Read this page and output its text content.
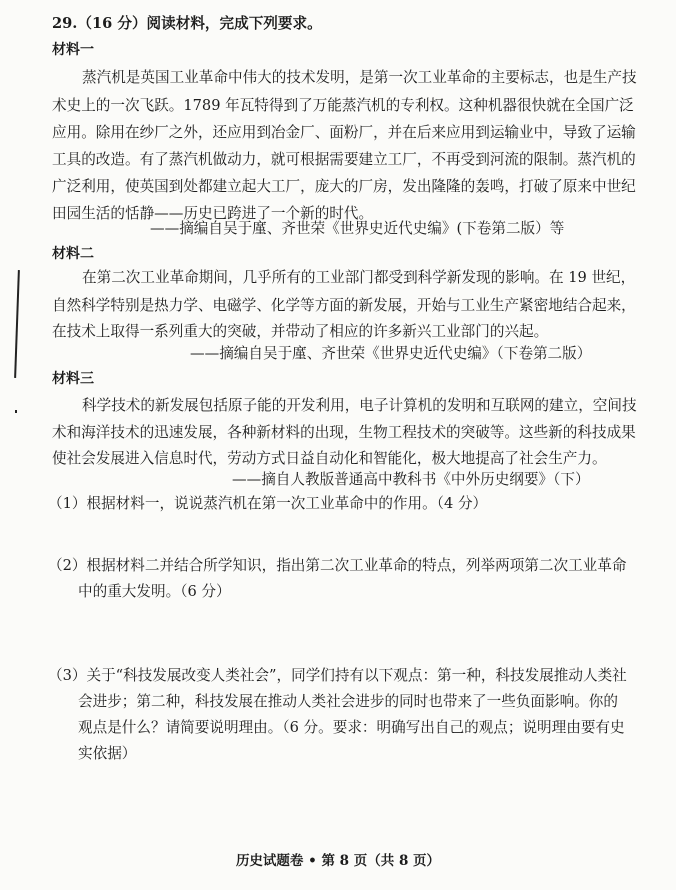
29.（16 分）阅读材料，完成下列要求。
材料一
蒸汽机是英国工业革命中伟大的技术发明，是第一次工业革命的主要标志，也是生产技
术史上的一次飞跃。1789 年瓦特得到了万能蒸汽机的专利权。这种机器很快就在全国广泛
应用。除用在纱厂之外，还应用到冶金厂、面粉厂，并在后来应用到运输业中，导致了运输
工具的改造。有了蒸汽机做动力，就可根据需要建立工厂，不再受到河流的限制。蒸汽机的
广泛利用，使英国到处都建立起大工厂，庞大的厂房，发出隆隆的轰鸣，打破了原来中世纪
田园生活的恬静——历史已跨进了一个新的时代。
——摘编自吴于廑、齐世荣《世界史近代史编》(下卷第二版）等
材料二
在第二次工业革命期间，几乎所有的工业部门都受到科学新发现的影响。在 19 世纪，
自然科学特别是热力学、电磁学、化学等方面的新发展，开始与工业生产紧密地结合起来，
在技术上取得一系列重大的突破，并带动了相应的许多新兴工业部门的兴起。
——摘编自吴于廑、齐世荣《世界史近代史编》（下卷第二版）
材料三
科学技术的新发展包括原子能的开发利用，电子计算机的发明和互联网的建立，空间技
术和海洋技术的迅速发展，各种新材料的出现，生物工程技术的突破等。这些新的科技成果
使社会发展进入信息时代，劳动方式日益自动化和智能化，极大地提高了社会生产力。
——摘自人教版普通高中教科书《中外历史纲要》（下）
（1）根据材料一，说说蒸汽机在第一次工业革命中的作用。（4 分）
（2）根据材料二并结合所学知识，指出第二次工业革命的特点，列举两项第二次工业革命
中的重大发明。（6 分）
（3）关于“科技发展改变人类社会”，同学们持有以下观点：第一种，科技发展推动人类社
会进步；第二种，科技发展在推动人类社会进步的同时也带来了一些负面影响。你的
观点是什么？请简要说明理由。（6 分。要求：明确写出自己的观点；说明理由要有史
实依据）
历史试题卷 • 第 8 页（共 8 页）
